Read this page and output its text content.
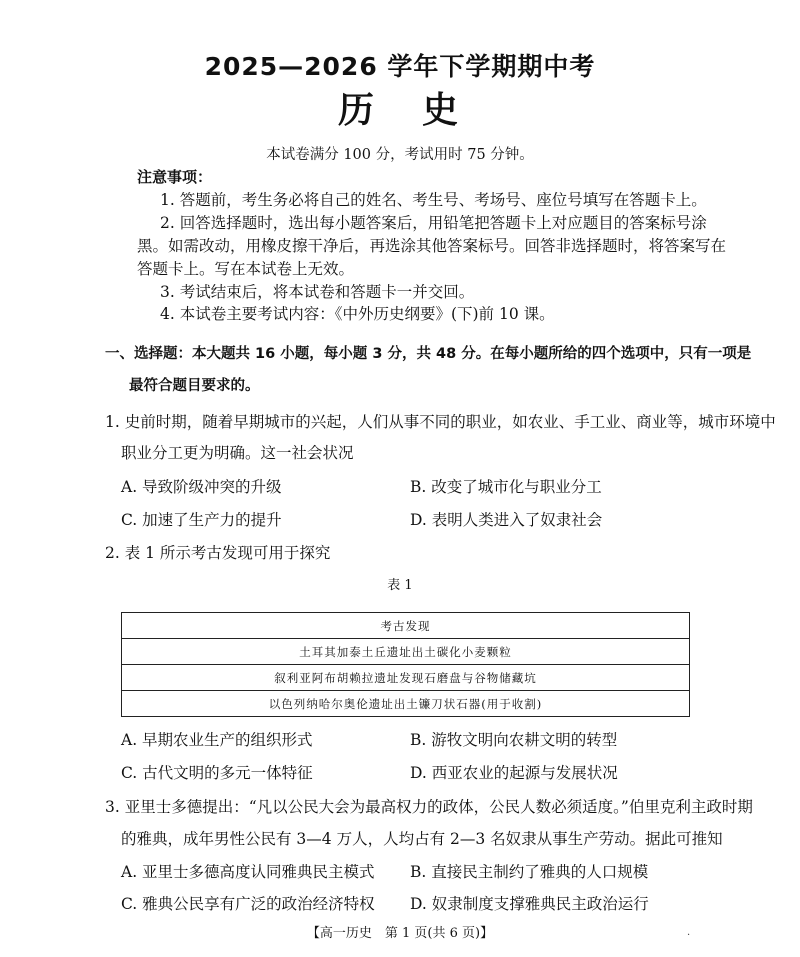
2025—2026 学年下学期期中考
历史
本试卷满分 100 分，考试用时 75 分钟。
注意事项：
1. 答题前，考生务必将自己的姓名、考生号、考场号、座位号填写在答题卡上。
2. 回答选择题时，选出每小题答案后，用铅笔把答题卡上对应题目的答案标号涂
黑。如需改动，用橡皮擦干净后，再选涂其他答案标号。回答非选择题时，将答案写在
答题卡上。写在本试卷上无效。
3. 考试结束后，将本试卷和答题卡一并交回。
4. 本试卷主要考试内容：《中外历史纲要》(下)前 10 课。
一、选择题：本大题共 16 小题，每小题 3 分，共 48 分。在每小题所给的四个选项中，只有一项是
最符合题目要求的。
1. 史前时期，随着早期城市的兴起，人们从事不同的职业，如农业、手工业、商业等，城市环境中
职业分工更为明确。这一社会状况
A. 导致阶级冲突的升级	B. 改变了城市化与职业分工
C. 加速了生产力的提升	D. 表明人类进入了奴隶社会
2. 表 1 所示考古发现可用于探究
表 1
考古发现
土耳其加泰土丘遗址出土碳化小麦颗粒
叙利亚阿布胡赖拉遗址发现石磨盘与谷物储藏坑
以色列纳哈尔奥伦遗址出土镰刀状石器(用于收割)
A. 早期农业生产的组织形式	B. 游牧文明向农耕文明的转型
C. 古代文明的多元一体特征	D. 西亚农业的起源与发展状况
3. 亚里士多德提出：“凡以公民大会为最高权力的政体，公民人数必须适度。”伯里克利主政时期
的雅典，成年男性公民有 3—4 万人，人均占有 2—3 名奴隶从事生产劳动。据此可推知
A. 亚里士多德高度认同雅典民主模式 B. 直接民主制约了雅典的人口规模
C. 雅典公民享有广泛的政治经济特权 D. 奴隶制度支撑雅典民主政治运行
【高一历史　第 1 页(共 6 页)】	·
